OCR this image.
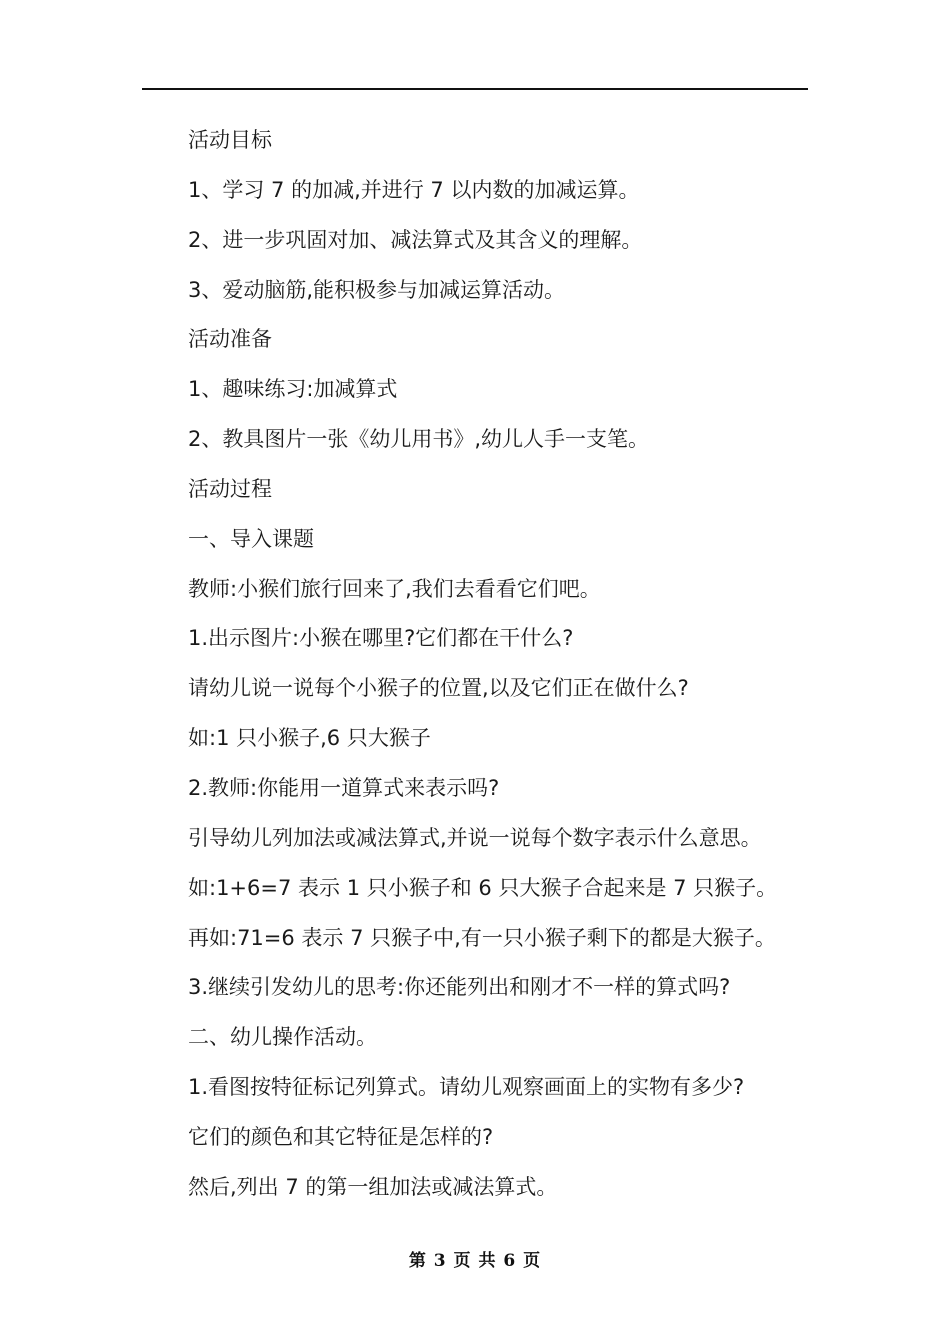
活动目标
1、学习 7 的加减,并进行 7 以内数的加减运算。
2、进一步巩固对加、减法算式及其含义的理解。
3、爱动脑筋,能积极参与加减运算活动。
活动准备
1、趣味练习:加减算式
2、教具图片一张《幼儿用书》,幼儿人手一支笔。
活动过程
一、导入课题
教师:小猴们旅行回来了,我们去看看它们吧。
1.出示图片:小猴在哪里?它们都在干什么?
请幼儿说一说每个小猴子的位置,以及它们正在做什么?
如:1 只小猴子,6 只大猴子
2.教师:你能用一道算式来表示吗?
引导幼儿列加法或减法算式,并说一说每个数字表示什么意思。
如:1+6=7 表示 1 只小猴子和 6 只大猴子合起来是 7 只猴子。
再如:71=6 表示 7 只猴子中,有一只小猴子剩下的都是大猴子。
3.继续引发幼儿的思考:你还能列出和刚才不一样的算式吗?
二、幼儿操作活动。
1.看图按特征标记列算式。请幼儿观察画面上的实物有多少?
它们的颜色和其它特征是怎样的?
然后,列出 7 的第一组加法或减法算式。
第 3 页 共 6 页
